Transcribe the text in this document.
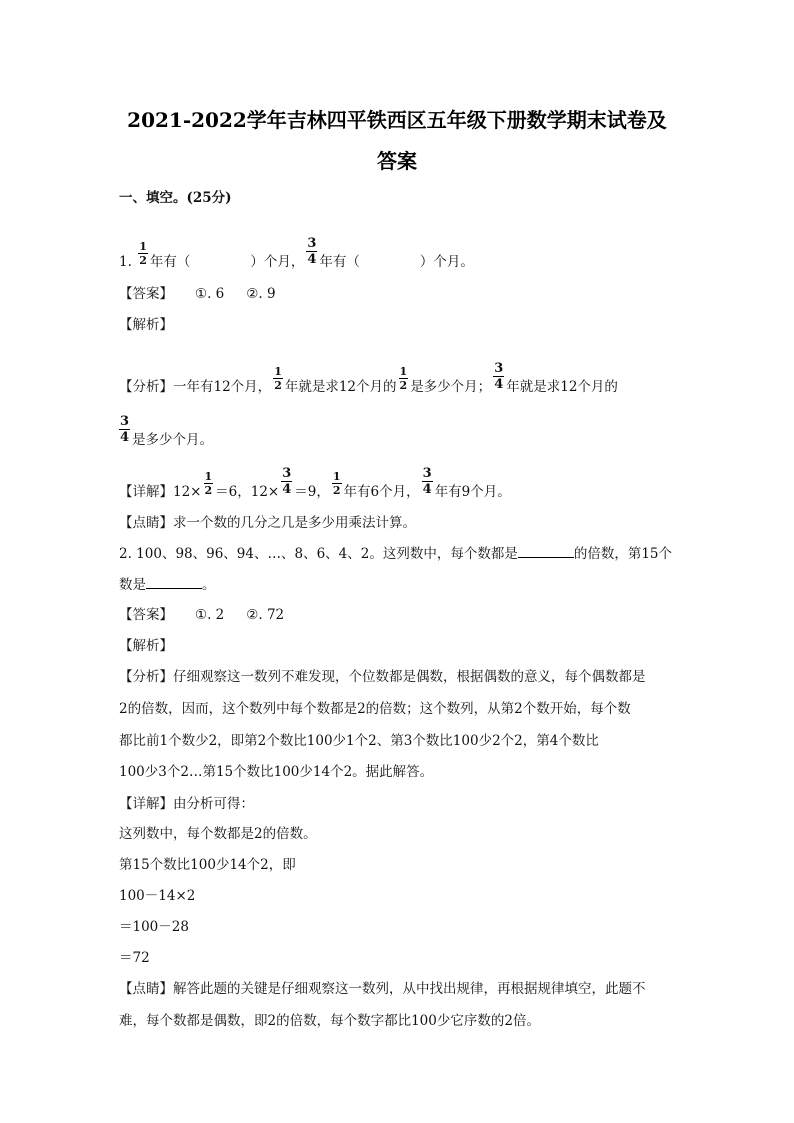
2021-2022学年吉林四平铁西区五年级下册数学期末试卷及
答案
一、填空。(25分)
1. $\frac{1}{2}$ 年有（	）个月， $\frac{3}{4}$ 年有（	）个月。
【答案】 ①. 6 ②. 9
【解析】
【分析】一年有12个月， $\frac{1}{2}$ 年就是求12个月的 $\frac{1}{2}$ 是多少个月； $\frac{3}{4}$ 年就是求12个月的
$\frac{3}{4}$ 是多少个月。
【详解】$12\times \frac{1}{2} =6$，$12\times \frac{3}{4} =9$， $\frac{1}{2}$ 年有6个月， $\frac{3}{4}$ 年有9个月。
【点睛】求一个数的几分之几是多少用乘法计算。
2. 100、98、96、94、…、8、6、4、2。这列数中，每个数都是	的倍数，第15个
数是	。
【答案】 ①. 2 ②. 72
【解析】
【分析】仔细观察这一数列不难发现，个位数都是偶数，根据偶数的意义，每个偶数都是
2的倍数，因而，这个数列中每个数都是2的倍数；这个数列，从第2个数开始，每个数
都比前1个数少2，即第2个数比100少1个2、第3个数比100少2个2，第4个数比
100少3个2…第15个数比100少14个2。据此解答。
【详解】由分析可得：
这列数中，每个数都是2的倍数。
第15个数比100少14个2，即
100－14×2
＝100－28
＝72
【点睛】解答此题的关键是仔细观察这一数列，从中找出规律，再根据规律填空，此题不
难，每个数都是偶数，即2的倍数，每个数字都比100少它序数的2倍。
